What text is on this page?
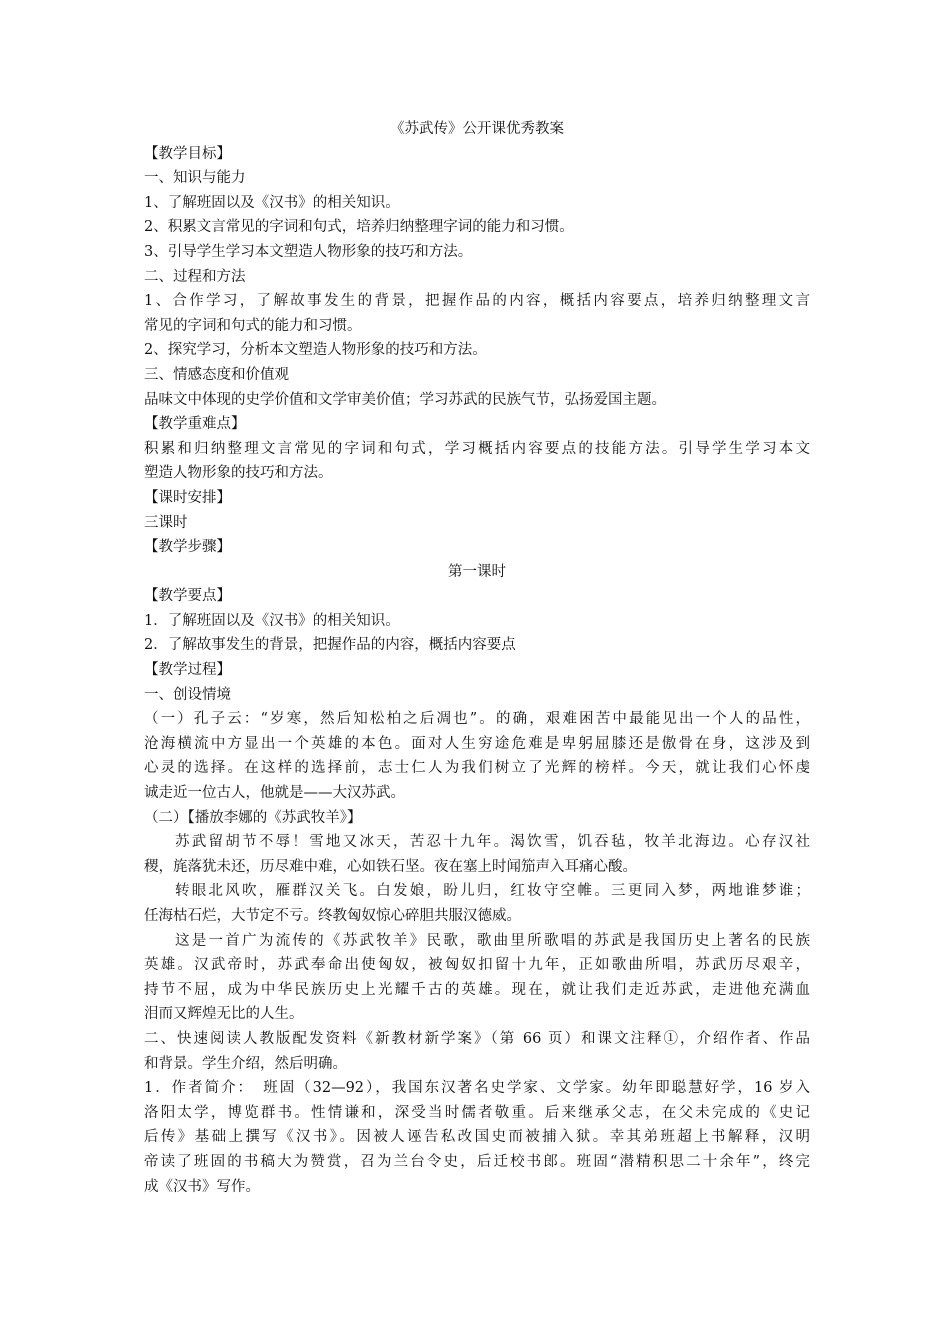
《苏武传》公开课优秀教案
【教学目标】
一、知识与能力
1、了解班固以及《汉书》的相关知识。
2、积累文言常见的字词和句式，培养归纳整理字词的能力和习惯。
3、引导学生学习本文塑造人物形象的技巧和方法。
二、过程和方法
1、合作学习，了解故事发生的背景，把握作品的内容，概括内容要点，培养归纳整理文言
常见的字词和句式的能力和习惯。
2、探究学习，分析本文塑造人物形象的技巧和方法。
三、情感态度和价值观
品味文中体现的史学价值和文学审美价值；学习苏武的民族气节，弘扬爱国主题。
【教学重难点】
积累和归纳整理文言常见的字词和句式，学习概括内容要点的技能方法。引导学生学习本文
塑造人物形象的技巧和方法。
【课时安排】
三课时
【教学步骤】
第一课时
【教学要点】
1．了解班固以及《汉书》的相关知识。
2．了解故事发生的背景，把握作品的内容，概括内容要点
【教学过程】
一、创设情境
（一）孔子云：“岁寒，然后知松柏之后凋也”。的确，艰难困苦中最能见出一个人的品性，
沧海横流中方显出一个英雄的本色。面对人生穷途危难是卑躬屈膝还是傲骨在身，这涉及到
心灵的选择。在这样的选择前，志士仁人为我们树立了光辉的榜样。今天，就让我们心怀虔
诚走近一位古人，他就是——大汉苏武。
（二）【播放李娜的《苏武牧羊》】
苏武留胡节不辱！雪地又冰天，苦忍十九年。渴饮雪，饥吞毡，牧羊北海边。心存汉社
稷，旄落犹未还，历尽难中难，心如铁石坚。夜在塞上时闻笳声入耳痛心酸。
转眼北风吹，雁群汉关飞。白发娘，盼儿归，红妆守空帷。三更同入梦，两地谁梦谁；
任海枯石烂，大节定不亏。终教匈奴惊心碎胆共服汉德威。
这是一首广为流传的《苏武牧羊》民歌，歌曲里所歌唱的苏武是我国历史上著名的民族
英雄。汉武帝时，苏武奉命出使匈奴，被匈奴扣留十九年，正如歌曲所唱，苏武历尽艰辛，
持节不屈，成为中华民族历史上光耀千古的英雄。现在，就让我们走近苏武，走进他充满血
泪而又辉煌无比的人生。
二、快速阅读人教版配发资料《新教材新学案》（第 66 页）和课文注释①，介绍作者、作品
和背景。学生介绍，然后明确。
1．作者简介：　班固（32—92），我国东汉著名史学家、文学家。幼年即聪慧好学，16 岁入
洛阳太学，博览群书。性情谦和，深受当时儒者敬重。后来继承父志，在父未完成的《史记
后传》基础上撰写《汉书》。因被人诬告私改国史而被捕入狱。幸其弟班超上书解释，汉明
帝读了班固的书稿大为赞赏，召为兰台令史，后迁校书郎。班固“潜精积思二十余年”，终完
成《汉书》写作。
